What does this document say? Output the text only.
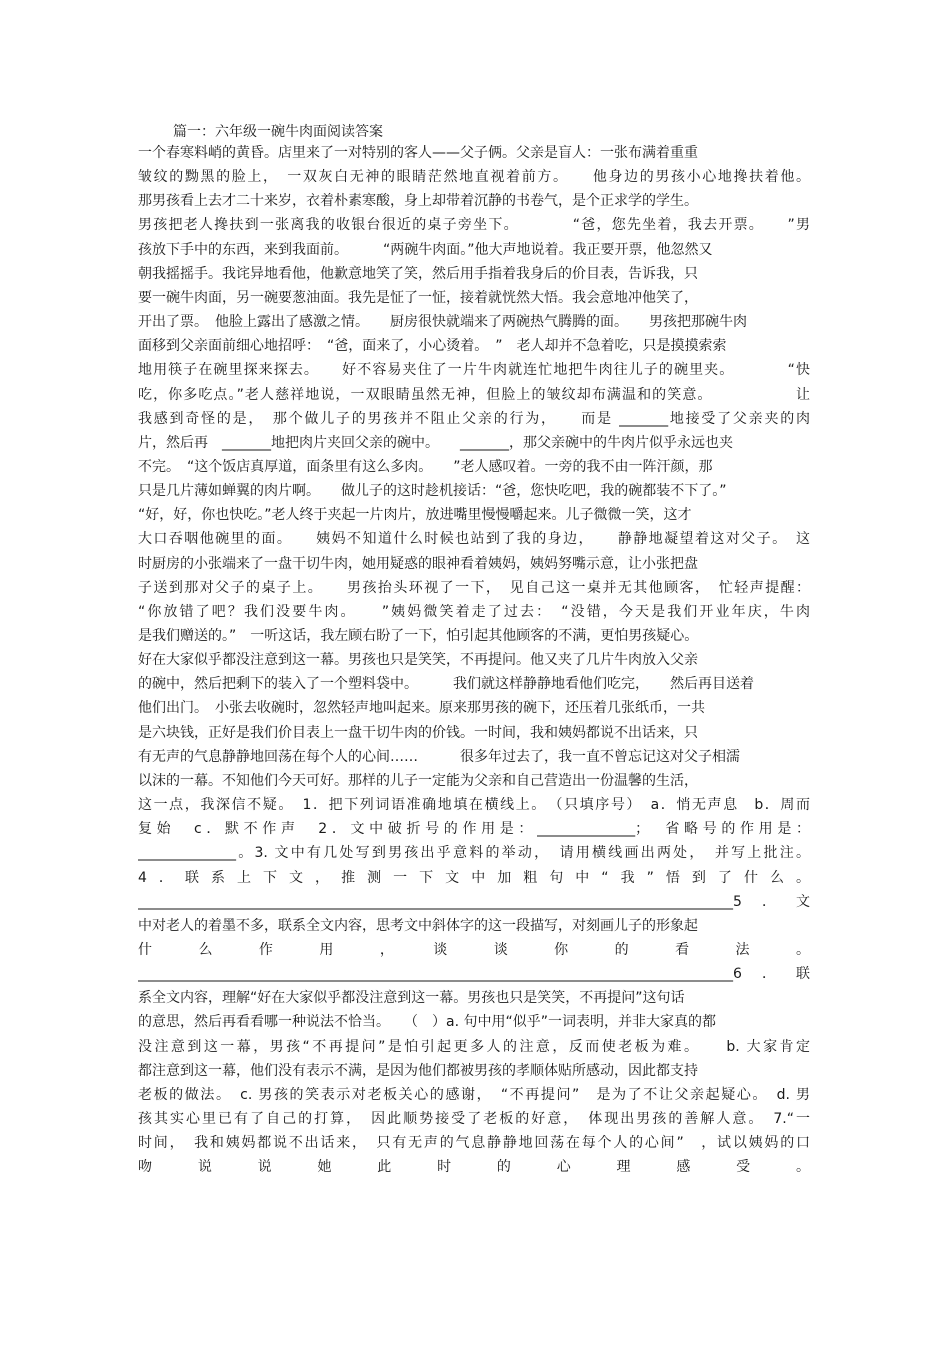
篇一：六年级一碗牛肉面阅读答案
一个春寒料峭的黄昏。店里来了一对特别的客人——父子俩。父亲是盲人：一张布满着重重
皱纹的黝黑的脸上，　一双灰白无神的眼睛茫然地直视着前方。　　他身边的男孩小心地搀扶着他。
那男孩看上去才二十来岁，衣着朴素寒酸，身上却带着沉静的书卷气，是个正求学的学生。
男孩把老人搀扶到一张离我的收银台很近的桌子旁坐下。　　　　“爸，您先坐着，我去开票。　　”男
孩放下手中的东西，来到我面前。　　　“两碗牛肉面。”他大声地说着。我正要开票，他忽然又
朝我摇摇手。我诧异地看他，他歉意地笑了笑，然后用手指着我身后的价目表，告诉我，只
要一碗牛肉面，另一碗要葱油面。我先是怔了一怔，接着就恍然大悟。我会意地冲他笑了，
开出了票。　他脸上露出了感激之情。　　厨房很快就端来了两碗热气腾腾的面。　　男孩把那碗牛肉
面移到父亲面前细心地招呼：　“爸，面来了，小心烫着。　”　老人却并不急着吃，只是摸摸索索
地用筷子在碗里探来探去。　　好不容易夹住了一片牛肉就连忙地把牛肉往儿子的碗里夹。　　　　“快
吃，你多吃点。”老人慈祥地说，一双眼睛虽然无神，但脸上的皱纹却布满温和的笑意。　　　　　　让
我感到奇怪的是，　那个做儿子的男孩并不阻止父亲的行为，　　而是 _______地接受了父亲夹的肉
片，然后再　_______地把肉片夹回父亲的碗中。　　_______，那父亲碗中的牛肉片似乎永远也夹
不完。　“这个饭店真厚道，面条里有这么多肉。　　”老人感叹着。一旁的我不由一阵汗颜，那
只是几片薄如蝉翼的肉片啊。　　做儿子的这时趁机接话：“爸，您快吃吧，我的碗都装不下了。”
“好，好，你也快吃。”老人终于夹起一片肉片，放进嘴里慢慢嚼起来。儿子微微一笑，这才
大口吞咽他碗里的面。　　姨妈不知道什么时候也站到了我的身边，　　静静地凝望着这对父子。　这
时厨房的小张端来了一盘干切牛肉，她用疑惑的眼神看着姨妈，姨妈努嘴示意，让小张把盘
子送到那对父子的桌子上。　　男孩抬头环视了一下，　见自己这一桌并无其他顾客，　忙轻声提醒：
“你放错了吧？我们没要牛肉。　　”姨妈微笑着走了过去：　“没错，今天是我们开业年庆，牛肉
是我们赠送的。”　一听这话，我左顾右盼了一下，怕引起其他顾客的不满，更怕男孩疑心。
好在大家似乎都没注意到这一幕。男孩也只是笑笑，不再提问。他又夹了几片牛肉放入父亲
的碗中，然后把剩下的装入了一个塑料袋中。　　　我们就这样静静地看他们吃完，　　然后再目送着
他们出门。　小张去收碗时，忽然轻声地叫起来。原来那男孩的碗下，还压着几张纸币，一共
是六块钱，正好是我们价目表上一盘干切牛肉的价钱。一时间，我和姨妈都说不出话来，只
有无声的气息静静地回荡在每个人的心间……　　　很多年过去了，我一直不曾忘记这对父子相濡
以沫的一幕。不知他们今天可好。那样的儿子一定能为父亲和自己营造出一份温馨的生活，
这一点，我深信不疑。　1．把下列词语准确地填在横线上。　（只填序号）　a．悄无声息　b．周而
复始　c．默不作声　2．文中破折号的作用是：______________；　省略号的作用是：
______________。3. 文中有几处写到男孩出乎意料的举动，　请用横线画出两处，　并写上批注。
4．联系上下文，推测一下文中加粗句中“我”悟到了什么。
_____________________________________________________________________________________5．文
中对老人的着墨不多，联系全文内容，思考文中斜体字的这一段描写，对刻画儿子的形象起
什　么　作　用　，　谈　谈　你　的　看　法　。
_____________________________________________________________________________________6．联
系全文内容，理解“好在大家似乎都没注意到这一幕。男孩也只是笑笑，不再提问”这句话
的意思，然后再看看哪一种说法不恰当。　　（　）a. 句中用“似乎”一词表明，并非大家真的都
没注意到这一幕，男孩“不再提问”是怕引起更多人的注意，反而使老板为难。　　b. 大家肯定
都注意到这一幕，他们没有表示不满，是因为他们都被男孩的孝顺体贴所感动，因此都支持
老板的做法。　c. 男孩的笑表示对老板关心的感谢，　“不再提问”　是为了不让父亲起疑心。　d. 男
孩其实心里已有了自己的打算，　因此顺势接受了老板的好意，　体现出男孩的善解人意。　7.“一
时间，　我和姨妈都说不出话来，　只有无声的气息静静地回荡在每个人的心间”　，试以姨妈的口
吻　说　说　她　此　时　的　心　理　感　受　。
